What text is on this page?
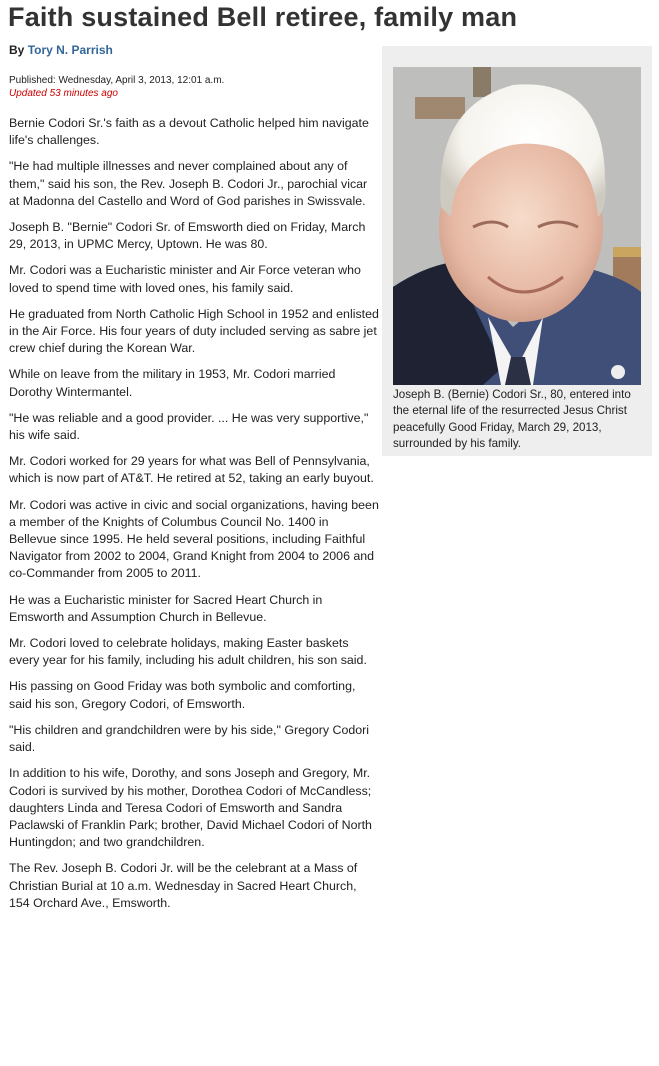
Faith sustained Bell retiree, family man
By Tory N. Parrish
Published: Wednesday, April 3, 2013, 12:01 a.m.
Updated 53 minutes ago

Bernie Codori Sr.'s faith as a devout Catholic helped him navigate life's challenges.

"He had multiple illnesses and never complained about any of them," said his son, the Rev. Joseph B. Codori Jr., parochial vicar at Madonna del Castello and Word of God parishes in Swissvale.

Joseph B. "Bernie" Codori Sr. of Emsworth died on Friday, March 29, 2013, in UPMC Mercy, Uptown. He was 80.

Mr. Codori was a Eucharistic minister and Air Force veteran who loved to spend time with loved ones, his family said.

He graduated from North Catholic High School in 1952 and enlisted in the Air Force. His four years of duty included serving as sabre jet crew chief during the Korean War.

While on leave from the military in 1953, Mr. Codori married Dorothy Wintermantel.

"He was reliable and a good provider. ... He was very supportive," his wife said.

Mr. Codori worked for 29 years for what was Bell of Pennsylvania, which is now part of AT&T. He retired at 52, taking an early buyout.

Mr. Codori was active in civic and social organizations, having been a member of the Knights of Columbus Council No. 1400 in Bellevue since 1995. He held several positions, including Faithful Navigator from 2002 to 2004, Grand Knight from 2004 to 2006 and co-Commander from 2005 to 2011.

He was a Eucharistic minister for Sacred Heart Church in Emsworth and Assumption Church in Bellevue.

Mr. Codori loved to celebrate holidays, making Easter baskets every year for his family, including his adult children, his son said.

His passing on Good Friday was both symbolic and comforting, said his son, Gregory Codori, of Emsworth.

"His children and grandchildren were by his side," Gregory Codori said.

In addition to his wife, Dorothy, and sons Joseph and Gregory, Mr. Codori is survived by his mother, Dorothea Codori of McCandless; daughters Linda and Teresa Codori of Emsworth and Sandra Paclawski of Franklin Park; brother, David Michael Codori of North Huntingdon; and two grandchildren.

The Rev. Joseph B. Codori Jr. will be the celebrant at a Mass of Christian Burial at 10 a.m. Wednesday in Sacred Heart Church, 154 Orchard Ave., Emsworth.

Joseph B. (Bernie) Codori Sr., 80, entered into the eternal life of the resurrected Jesus Christ peacefully Good Friday, March 29, 2013, surrounded by his family.
